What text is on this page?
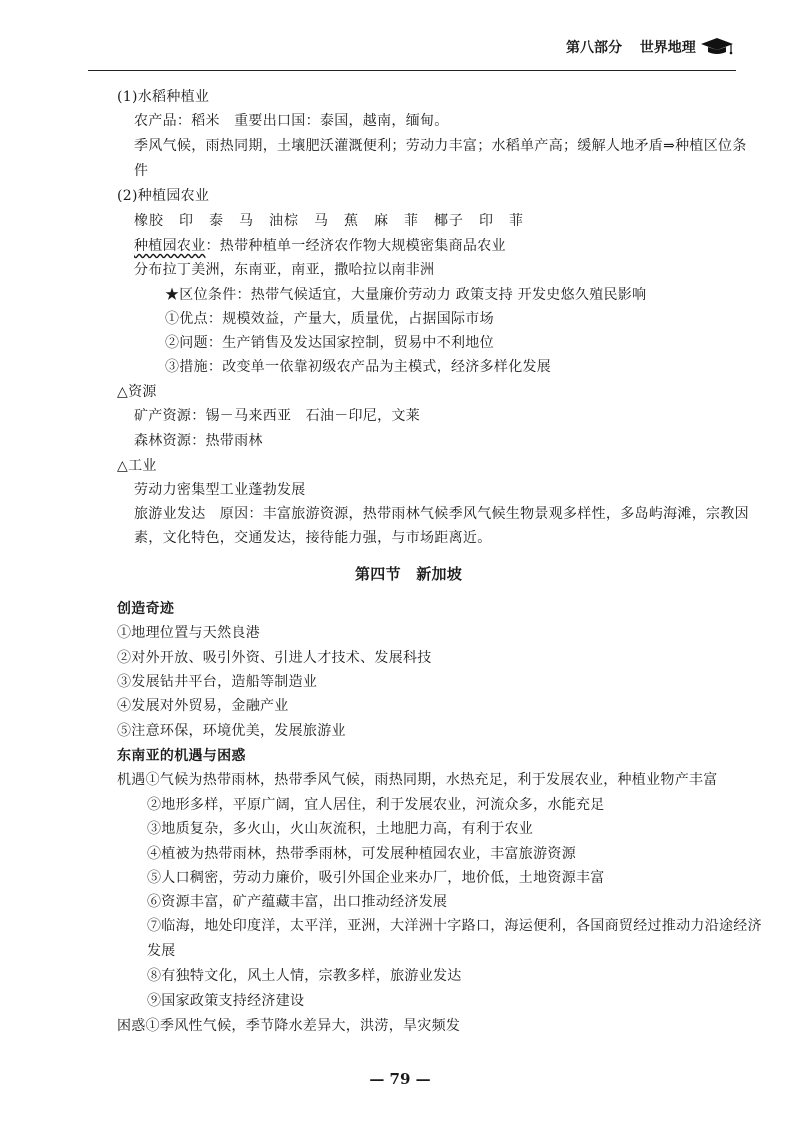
第八部分 世界地理
(1)水稻种植业
农产品：稻米　重要出口国：泰国，越南，缅甸。
季风气候，雨热同期，土壤肥沃灌溉便利；劳动力丰富；水稻单产高；缓解人地矛盾⇒种植区位条
件
(2)种植园农业
橡胶　印　泰　马　油棕　马　蕉　麻　菲　椰子　印　菲
种植园农业：热带种植单一经济农作物大规模密集商品农业
分布拉丁美洲，东南亚，南亚，撒哈拉以南非洲
★区位条件：热带气候适宜，大量廉价劳动力 政策支持 开发史悠久殖民影响
①优点：规模效益，产量大，质量优，占据国际市场
②问题：生产销售及发达国家控制，贸易中不利地位
③措施：改变单一依靠初级农产品为主模式，经济多样化发展
△资源
矿产资源：锡－马来西亚　石油－印尼，文莱
森林资源：热带雨林
△工业
劳动力密集型工业蓬勃发展
旅游业发达　原因：丰富旅游资源，热带雨林气候季风气候生物景观多样性，多岛屿海滩，宗教因
素，文化特色，交通发达，接待能力强，与市场距离近。
第四节　新加坡
创造奇迹
①地理位置与天然良港
②对外开放、吸引外资、引进人才技术、发展科技
③发展钻井平台，造船等制造业
④发展对外贸易，金融产业
⑤注意环保，环境优美，发展旅游业
东南亚的机遇与困惑
机遇①气候为热带雨林，热带季风气候，雨热同期，水热充足，利于发展农业，种植业物产丰富
②地形多样，平原广阔，宜人居住，利于发展农业，河流众多，水能充足
③地质复杂，多火山，火山灰流积，土地肥力高，有利于农业
④植被为热带雨林，热带季雨林，可发展种植园农业，丰富旅游资源
⑤人口稠密，劳动力廉价，吸引外国企业来办厂，地价低，土地资源丰富
⑥资源丰富，矿产蕴藏丰富，出口推动经济发展
⑦临海，地处印度洋，太平洋，亚洲，大洋洲十字路口，海运便利，各国商贸经过推动力沿途经济
发展
⑧有独特文化，风土人情，宗教多样，旅游业发达
⑨国家政策支持经济建设
困惑①季风性气候，季节降水差异大，洪涝，旱灾频发
— 79 —
